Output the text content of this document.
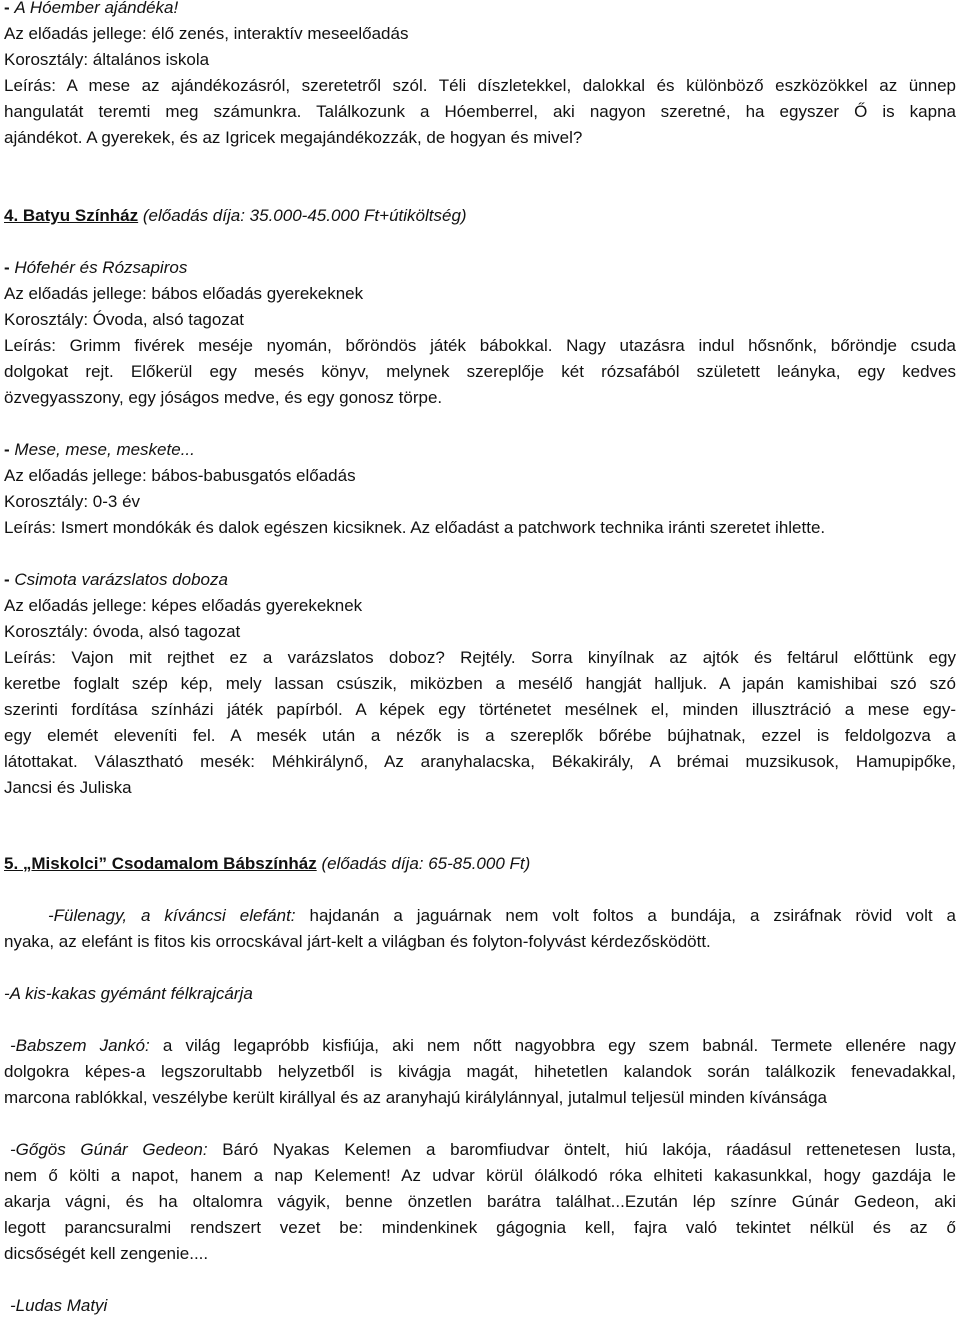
- A Hóember ajándéka!
Az előadás jellege: élő zenés, interaktív meseelőadás
Korosztály: általános iskola
Leírás: A mese az ajándékozásról, szeretetről szól. Téli díszletekkel, dalokkal és különböző eszközökkel az ünnep
hangulatát teremti meg számunkra. Találkozunk a Hóemberrel, aki nagyon szeretné, ha egyszer Ő is kapna
ajándékot. A gyerekek, és az Igricek megajándékozzák, de hogyan és mivel?
4. Batyu Színház (előadás díja: 35.000-45.000 Ft+útiköltség)
- Hófehér és Rózsapiros
Az előadás jellege: bábos előadás gyerekeknek
Korosztály: Óvoda, alsó tagozat
Leírás: Grimm fivérek meséje nyomán, bőröndös játék bábokkal. Nagy utazásra indul hősnőnk, bőröndje csuda
dolgokat rejt. Előkerül egy mesés könyv, melynek szereplője két rózsafából született leányka, egy kedves
özvegyasszony, egy jóságos medve, és egy gonosz törpe.
- Mese, mese, meskete...
Az előadás jellege: bábos-babusgatós előadás
Korosztály: 0-3 év
Leírás: Ismert mondókák és dalok egészen kicsiknek. Az előadást a patchwork technika iránti szeretet ihlette.
- Csimota varázslatos doboza
Az előadás jellege: képes előadás gyerekeknek
Korosztály: óvoda, alsó tagozat
Leírás: Vajon mit rejthet ez a varázslatos doboz? Rejtély. Sorra kinyílnak az ajtók és feltárul előttünk egy
keretbe foglalt szép kép, mely lassan csúszik, miközben a mesélő hangját halljuk. A japán kamishibai szó szó
szerinti fordítása színházi játék papírból. A képek egy történetet mesélnek el, minden illusztráció a mese egy-
egy elemét eleveníti fel. A mesék után a nézők is a szereplők bőrébe bújhatnak, ezzel is feldolgozva a
látottakat. Választható mesék: Méhkirálynő, Az aranyhalacska, Békakirály, A brémai muzsikusok, Hamupipőke,
Jancsi és Juliska
5. „Miskolci” Csodamalom Bábszínház (előadás díja: 65-85.000 Ft)
-Fülenagy, a kíváncsi elefánt: hajdanán a jaguárnak nem volt foltos a bundája, a zsiráfnak rövid volt a
nyaka, az elefánt is fitos kis orrocskával járt-kelt a világban és folyton-folyvást kérdezősködött.
-A kis-kakas gyémánt félkrajcárja
-Babszem Jankó: a világ legapróbb kisfiúja, aki nem nőtt nagyobbra egy szem babnál. Termete ellenére nagy
dolgokra képes-a legszorultabb helyzetből is kivágja magát, hihetetlen kalandok során találkozik fenevadakkal,
marcona rablókkal, veszélybe került királlyal és az aranyhajú királylánnyal, jutalmul teljesül minden kívánsága
-Gőgös Gúnár Gedeon: Báró Nyakas Kelemen a baromfiudvar öntelt, hiú lakója, ráadásul rettenetesen lusta,
nem ő költi a napot, hanem a nap Kelement! Az udvar körül ólálkodó róka elhiteti kakasunkkal, hogy gazdája le
akarja vágni, és ha oltalomra vágyik, benne önzetlen barátra találhat...Ezután lép színre Gúnár Gedeon, aki
legott parancsuralmi rendszert vezet be: mindenkinek gágognia kell, fajra való tekintet nélkül és az ő
dicsőségét kell zengenie....
-Ludas Matyi
